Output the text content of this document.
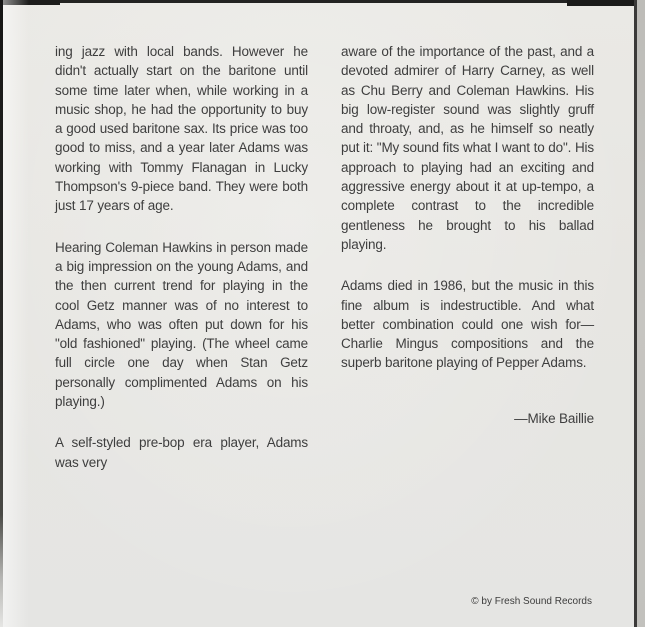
ing jazz with local bands. However he didn't actually start on the baritone until some time later when, while working in a music shop, he had the opportunity to buy a good used baritone sax. Its price was too good to miss, and a year later Adams was working with Tommy Flanagan in Lucky Thompson's 9-piece band. They were both just 17 years of age.

Hearing Coleman Hawkins in person made a big impression on the young Adams, and the then current trend for playing in the cool Getz manner was of no interest to Adams, who was often put down for his "old fashioned" playing. (The wheel came full circle one day when Stan Getz personally complimented Adams on his playing.)

A self-styled pre-bop era player, Adams was very

aware of the importance of the past, and a devoted admirer of Harry Carney, as well as Chu Berry and Coleman Hawkins. His big low-register sound was slightly gruff and throaty, and, as he himself so neatly put it: "My sound fits what I want to do". His approach to playing had an exciting and aggressive energy about it at up-tempo, a complete contrast to the incredible gentleness he brought to his ballad playing.

Adams died in 1986, but the music in this fine album is indestructible. And what better combination could one wish for—Charlie Mingus compositions and the superb baritone playing of Pepper Adams.

—Mike Baillie
© by Fresh Sound Records
